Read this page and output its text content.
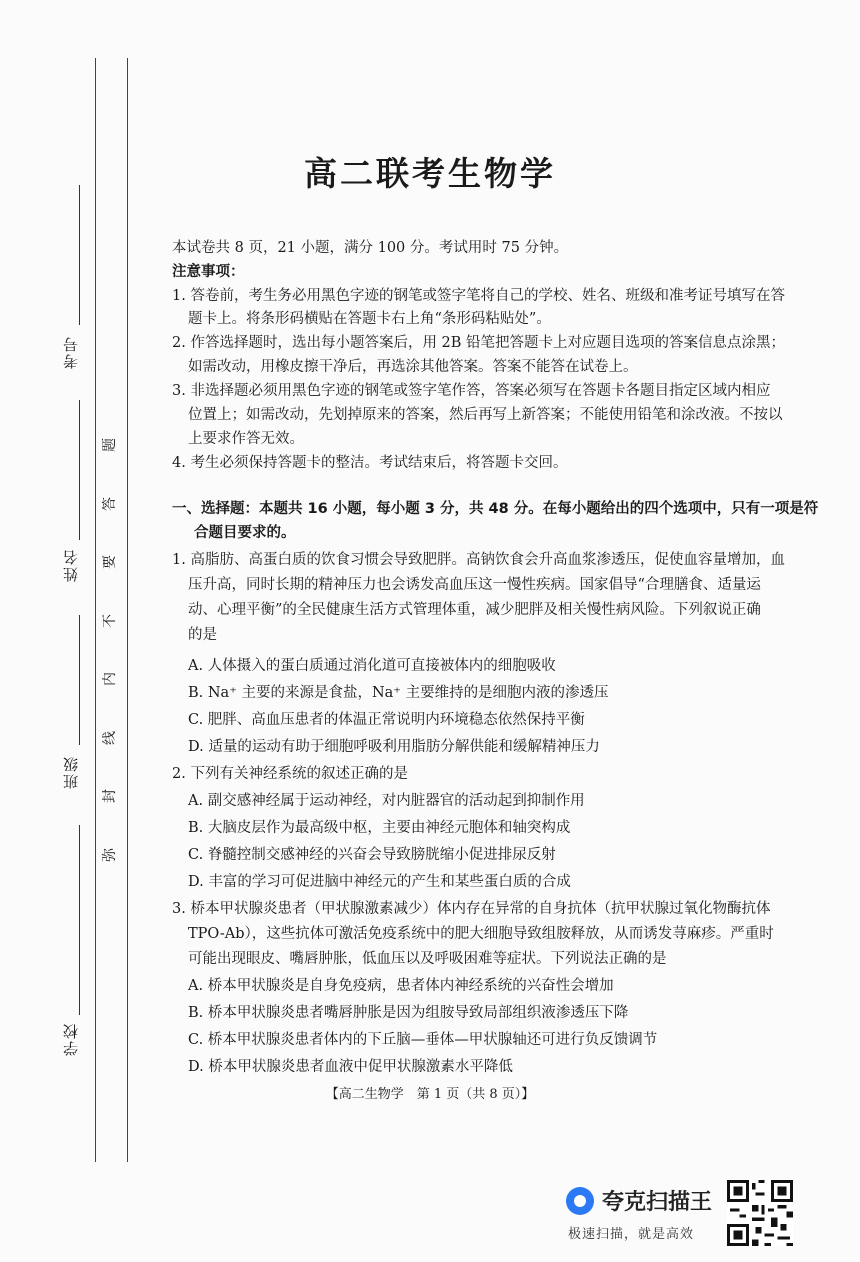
考号
姓名
班级
学校
弥
封
线
内
不
要
答
题
高二联考生物学
本试卷共 8 页，21 小题，满分 100 分。考试用时 75 分钟。
注意事项：
1. 答卷前，考生务必用黑色字迹的钢笔或签字笔将自己的学校、姓名、班级和准考证号填写在答
题卡上。将条形码横贴在答题卡右上角“条形码粘贴处”。
2. 作答选择题时，选出每小题答案后，用 2B 铅笔把答题卡上对应题目选项的答案信息点涂黑；
如需改动，用橡皮擦干净后，再选涂其他答案。答案不能答在试卷上。
3. 非选择题必须用黑色字迹的钢笔或签字笔作答，答案必须写在答题卡各题目指定区域内相应
位置上；如需改动，先划掉原来的答案，然后再写上新答案；不能使用铅笔和涂改液。不按以
上要求作答无效。
4. 考生必须保持答题卡的整洁。考试结束后，将答题卡交回。
一、选择题：本题共 16 小题，每小题 3 分，共 48 分。在每小题给出的四个选项中，只有一项是符
合题目要求的。
1. 高脂肪、高蛋白质的饮食习惯会导致肥胖。高钠饮食会升高血浆渗透压，促使血容量增加，血
压升高，同时长期的精神压力也会诱发高血压这一慢性疾病。国家倡导“合理膳食、适量运
动、心理平衡”的全民健康生活方式管理体重，减少肥胖及相关慢性病风险。下列叙说正确
的是
A. 人体摄入的蛋白质通过消化道可直接被体内的细胞吸收
B. Na⁺ 主要的来源是食盐，Na⁺ 主要维持的是细胞内液的渗透压
C. 肥胖、高血压患者的体温正常说明内环境稳态依然保持平衡
D. 适量的运动有助于细胞呼吸利用脂肪分解供能和缓解精神压力
2. 下列有关神经系统的叙述正确的是
A. 副交感神经属于运动神经，对内脏器官的活动起到抑制作用
B. 大脑皮层作为最高级中枢，主要由神经元胞体和轴突构成
C. 脊髓控制交感神经的兴奋会导致膀胱缩小促进排尿反射
D. 丰富的学习可促进脑中神经元的产生和某些蛋白质的合成
3. 桥本甲状腺炎患者（甲状腺激素减少）体内存在异常的自身抗体（抗甲状腺过氧化物酶抗体
TPO-Ab），这些抗体可激活免疫系统中的肥大细胞导致组胺释放，从而诱发荨麻疹。严重时
可能出现眼皮、嘴唇肿胀，低血压以及呼吸困难等症状。下列说法正确的是
A. 桥本甲状腺炎是自身免疫病，患者体内神经系统的兴奋性会增加
B. 桥本甲状腺炎患者嘴唇肿胀是因为组胺导致局部组织液渗透压下降
C. 桥本甲状腺炎患者体内的下丘脑—垂体—甲状腺轴还可进行负反馈调节
D. 桥本甲状腺炎患者血液中促甲状腺激素水平降低
【高二生物学　第 1 页（共 8 页）】
夸克扫描王
极速扫描，就是高效
